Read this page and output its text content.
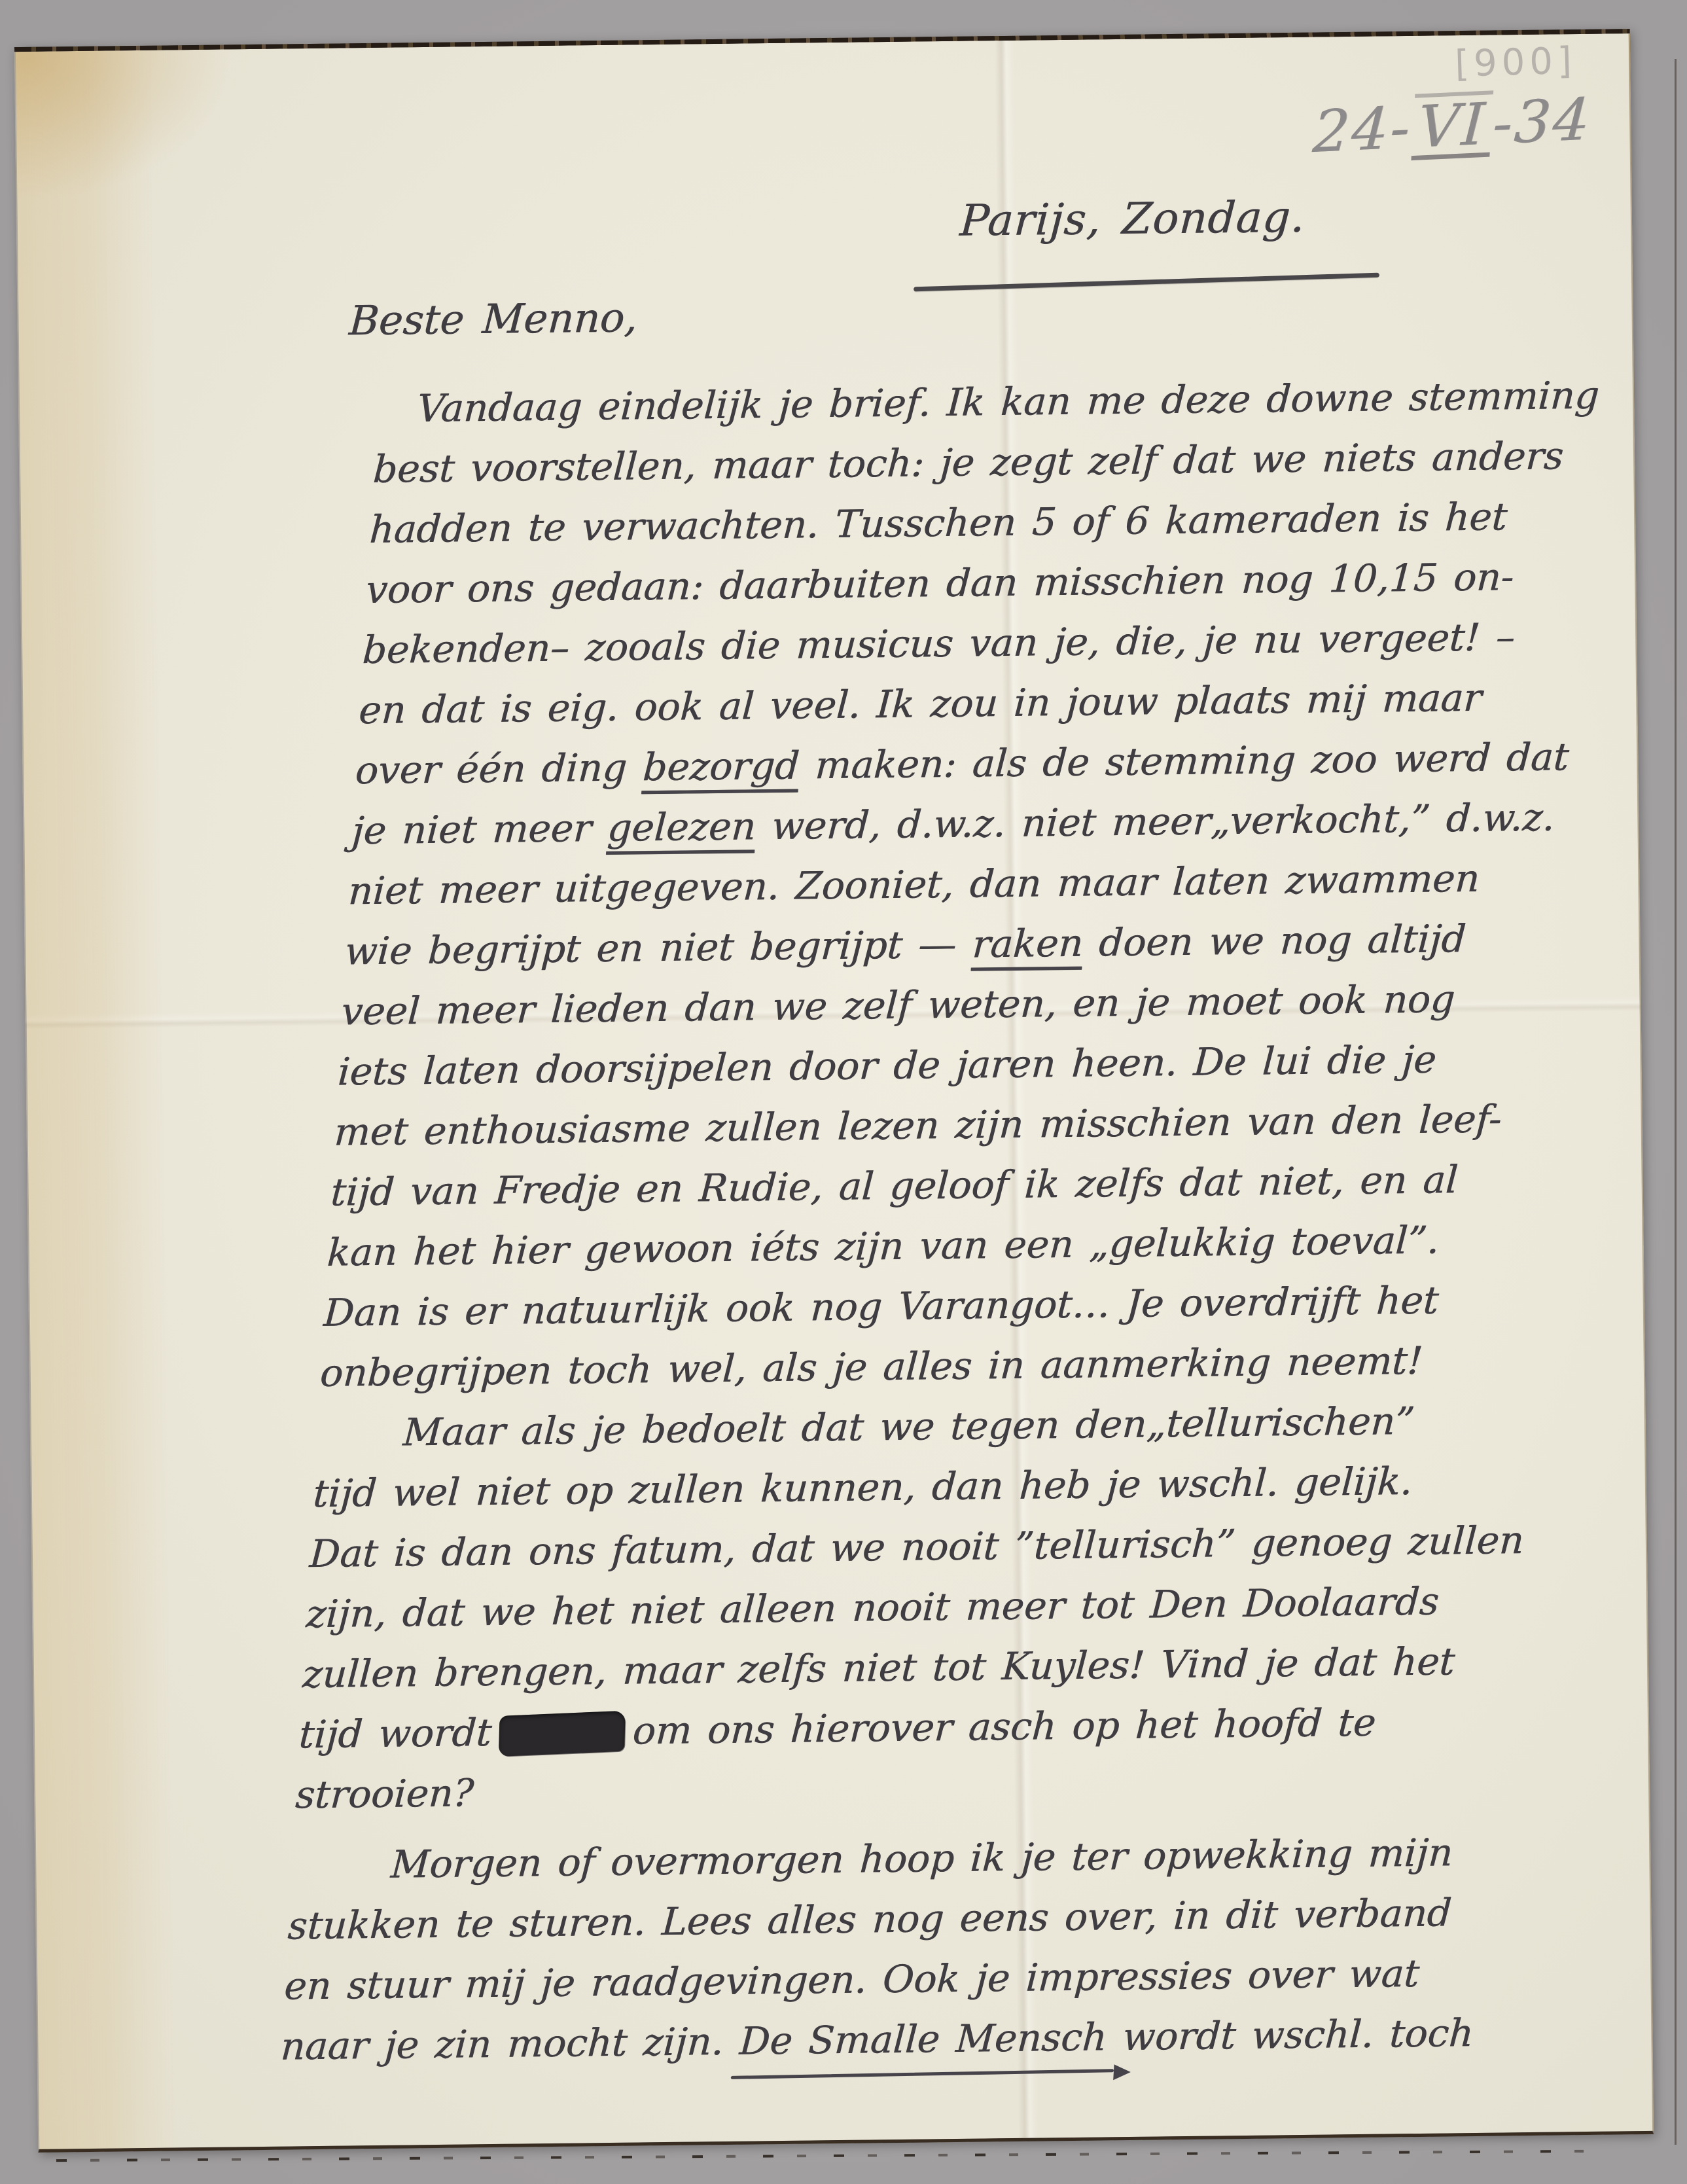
[900]
24-VI-34
Parijs, Zondag.
Beste Menno,
Vandaag eindelijk je brief. Ik kan me deze downe stemming
best voorstellen, maar toch: je zegt zelf dat we niets anders
hadden te verwachten. Tusschen 5 of 6 kameraden is het
voor ons gedaan: daarbuiten dan misschien nog 10,15 on-
bekenden– zooals die musicus van je, die, je nu vergeet! –
en dat is eig. ook al veel. Ik zou in jouw plaats mij maar
over één ding bezorgd maken: als de stemming zoo werd dat
je niet meer gelezen werd, d.w.z. niet meer„verkocht,” d.w.z.
niet meer uitgegeven. Zooniet, dan maar laten zwammen
wie begrijpt en niet begrijpt — raken doen we nog altijd
veel meer lieden dan we zelf weten, en je moet ook nog
iets laten doorsijpelen door de jaren heen. De lui die je
met enthousiasme zullen lezen zijn misschien van den leef-
tijd van Fredje en Rudie, al geloof ik zelfs dat niet, en al
kan het hier gewoon iéts zijn van een „gelukkig toeval”.
Dan is er natuurlijk ook nog Varangot… Je overdrijft het
onbegrijpen toch wel, als je alles in aanmerking neemt!
Maar als je bedoelt dat we tegen den„tellurischen”
tijd wel niet op zullen kunnen, dan heb je wschl. gelijk.
Dat is dan ons fatum, dat we nooit ”tellurisch” genoeg zullen
zijn, dat we het niet alleen nooit meer tot Den Doolaards
zullen brengen, maar zelfs niet tot Kuyles! Vind je dat het
tijd wordt	om ons hierover asch op het hoofd te
strooien?
Morgen of overmorgen hoop ik je ter opwekking mijn
stukken te sturen. Lees alles nog eens over, in dit verband
en stuur mij je raadgevingen. Ook je impressies over wat
naar je zin mocht zijn. De Smalle Mensch wordt wschl. toch
